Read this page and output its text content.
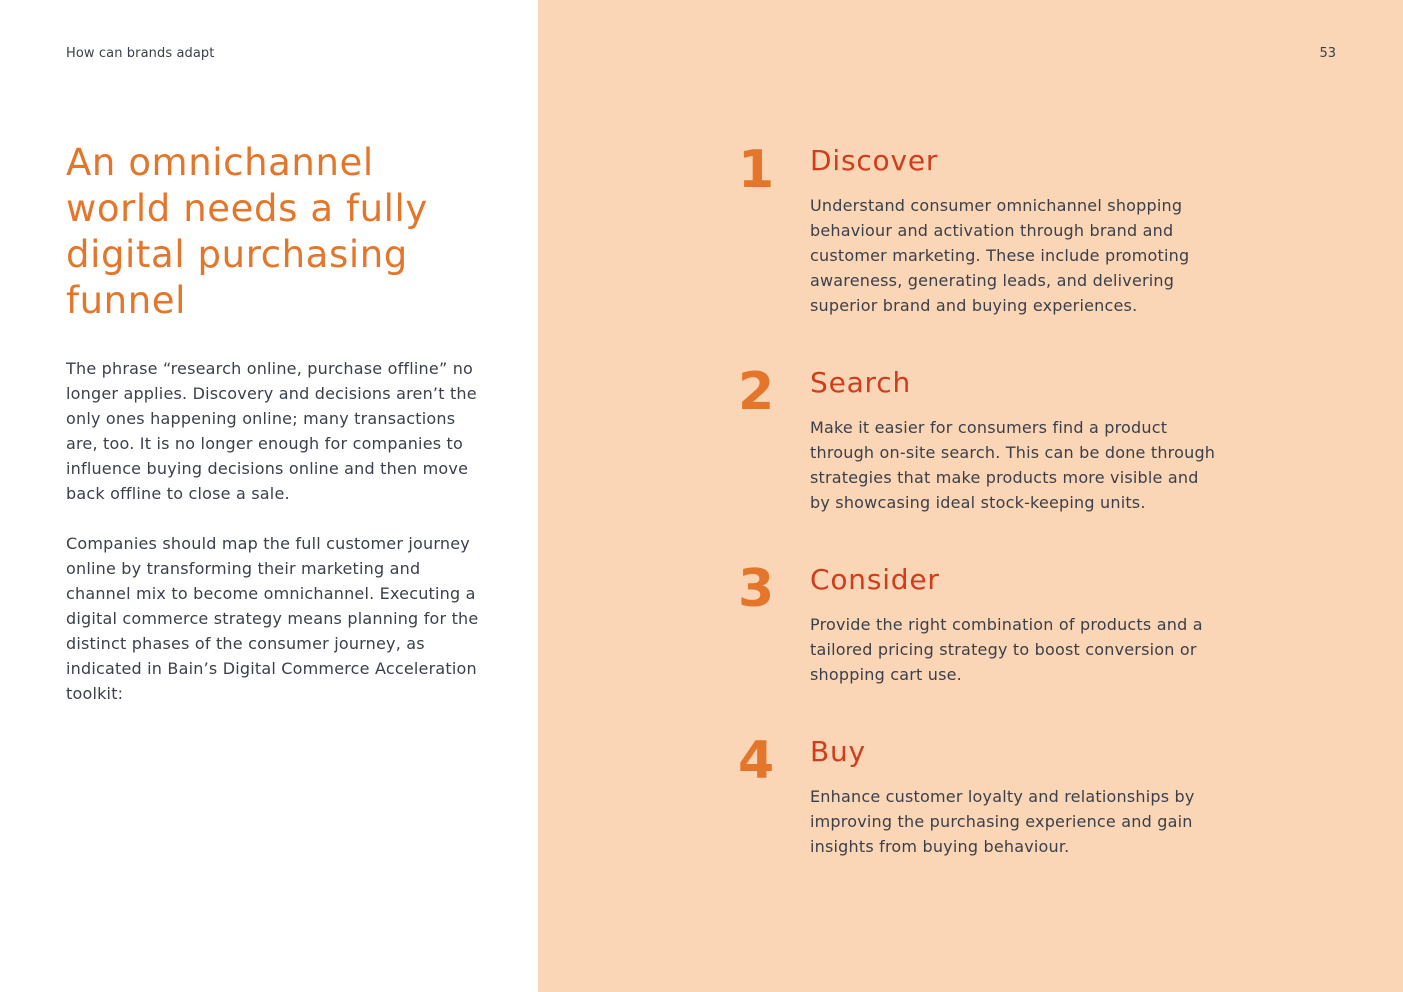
How can brands adapt
An omnichannel world needs a fully digital purchasing funnel

The phrase “research online, purchase offline” no longer applies. Discovery and decisions aren’t the only ones happening online; many transactions are, too. It is no longer enough for companies to influence buying decisions online and then move back offline to close a sale.

Companies should map the full customer journey online by transforming their marketing and channel mix to become omnichannel. Executing a digital commerce strategy means planning for the distinct phases of the consumer journey, as indicated in Bain’s Digital Commerce Acceleration toolkit:

53
1	Discover

Understand consumer omnichannel shopping behaviour and activation through brand and customer marketing. These include promoting awareness, generating leads, and delivering superior brand and buying experiences.

2	Search

Make it easier for consumers find a product through on-site search. This can be done through strategies that make products more visible and by showcasing ideal stock-keeping units.

3	Consider

Provide the right combination of products and a tailored pricing strategy to boost conversion or shopping cart use.

4	Buy

Enhance customer loyalty and relationships by improving the purchasing experience and gain insights from buying behaviour.
